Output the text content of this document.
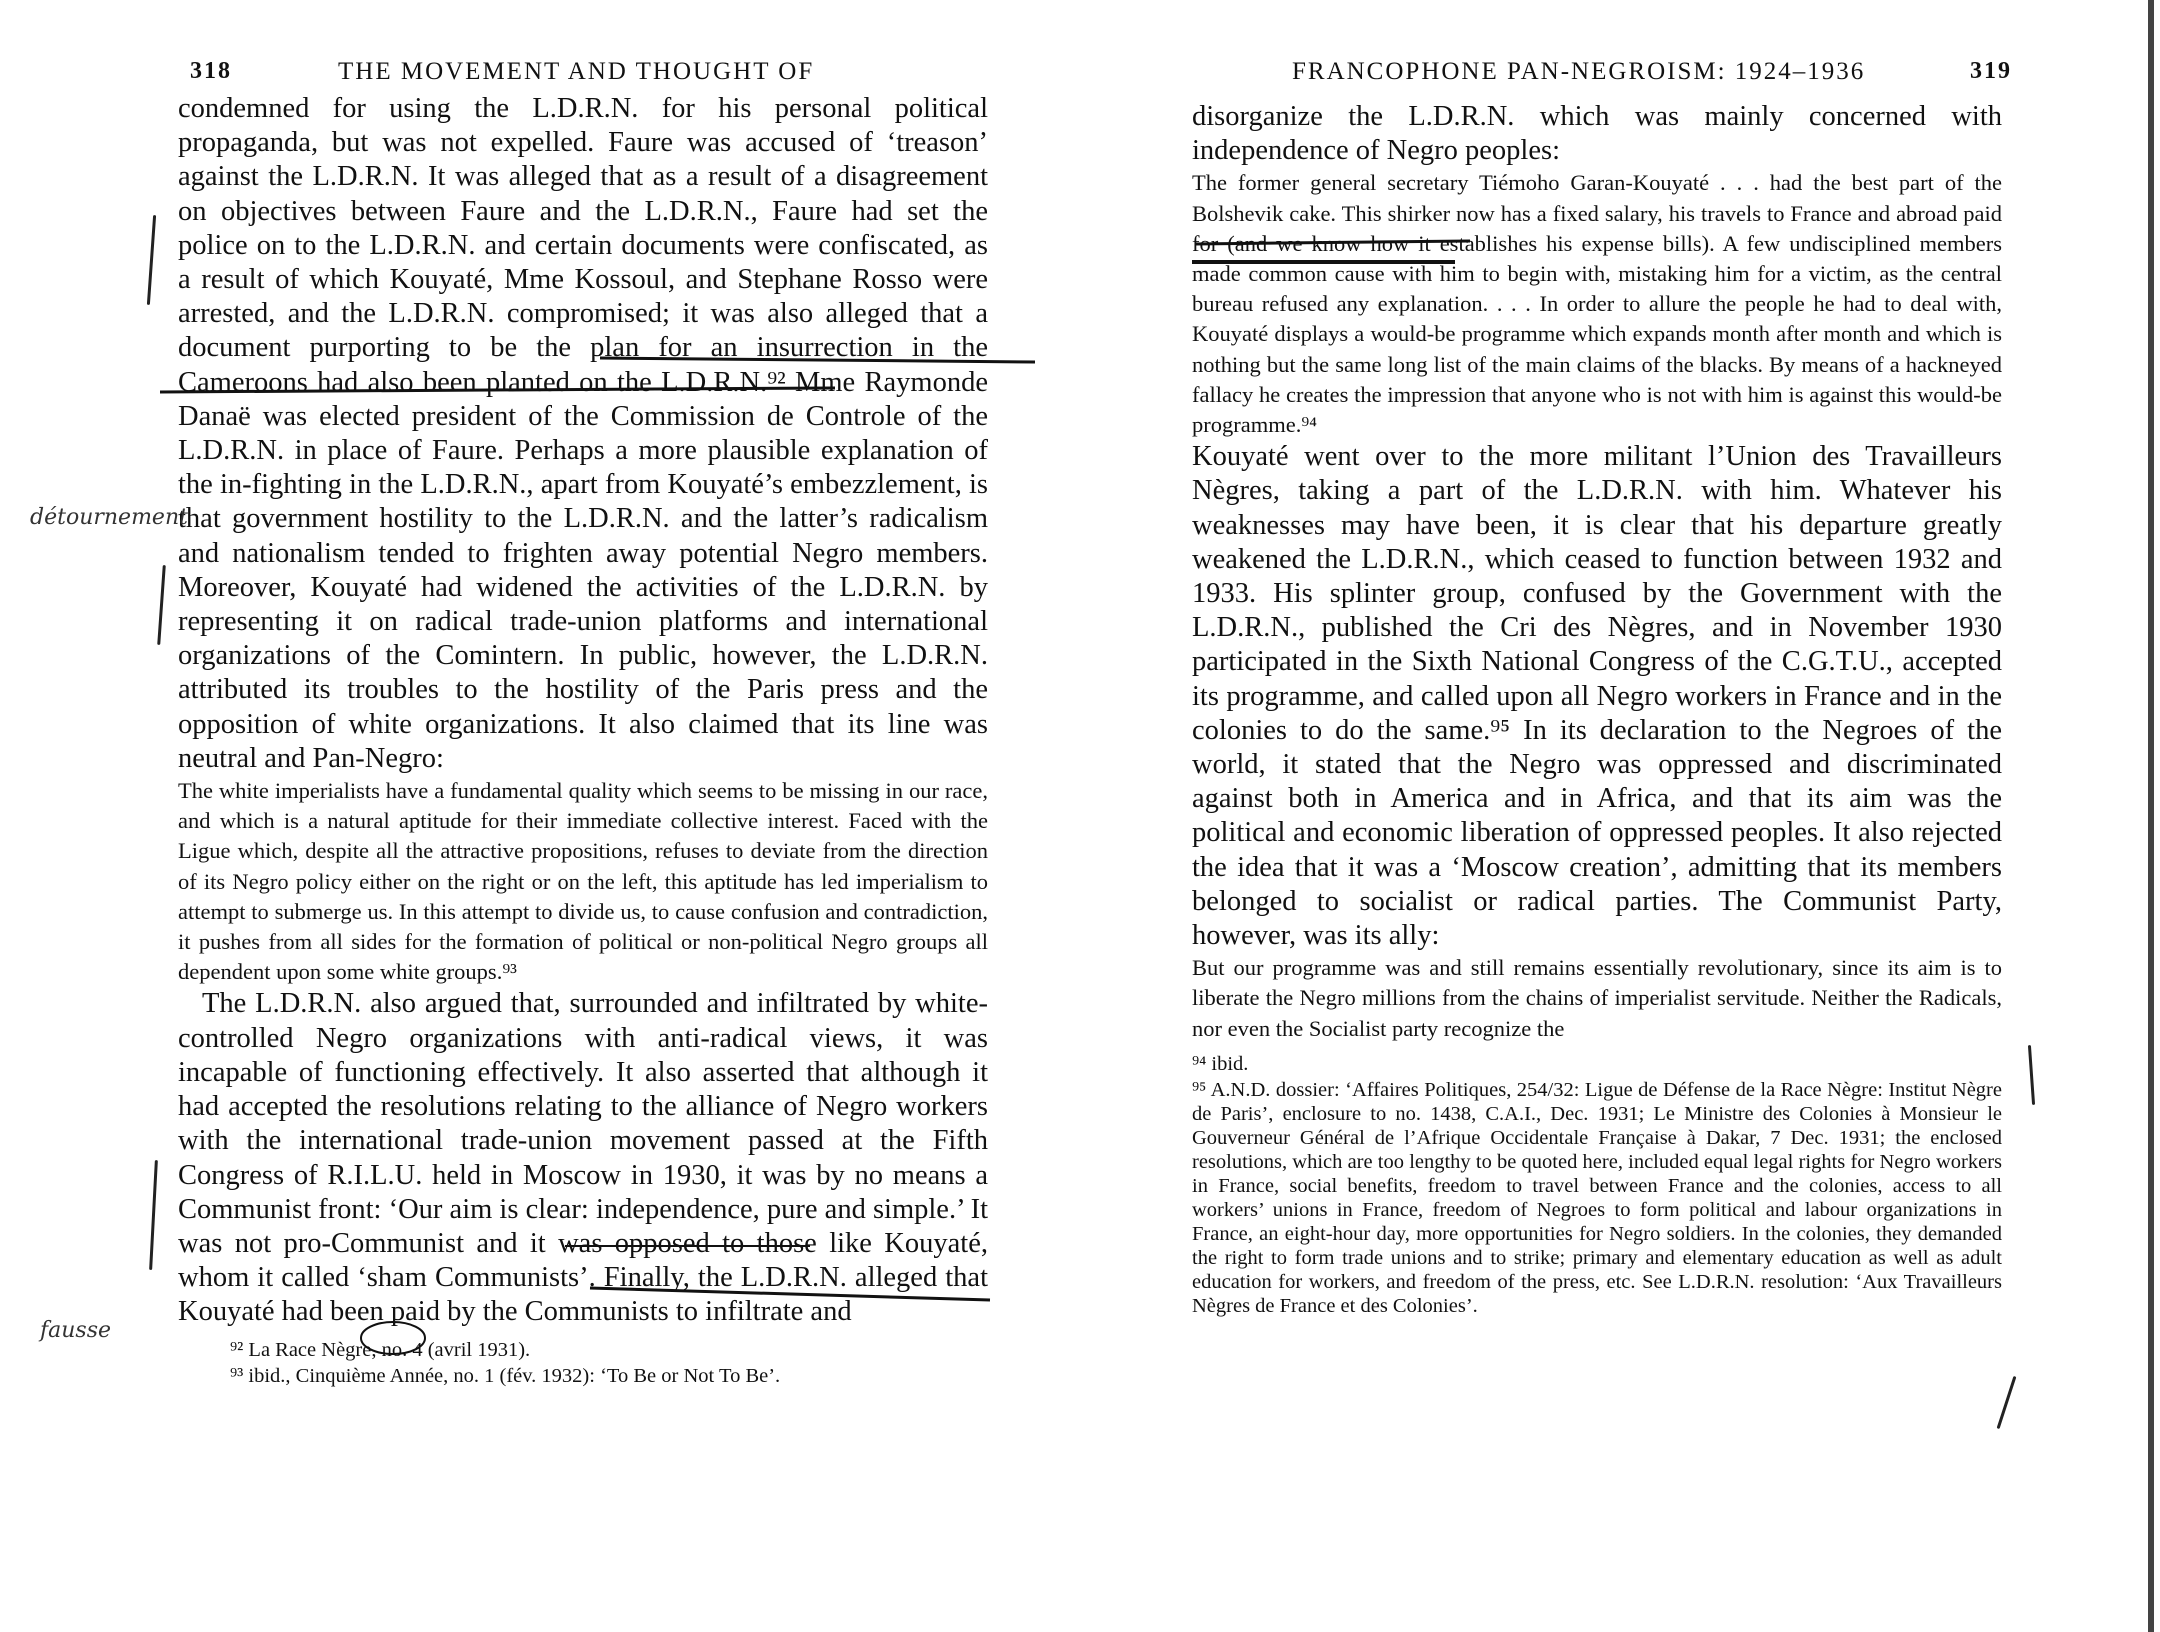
318	THE MOVEMENT AND THOUGHT OF

condemned for using the L.D.R.N. for his personal political propaganda, but was not expelled. Faure was accused of ‘treason’ against the L.D.R.N. It was alleged that as a result of a disagreement on objectives between Faure and the L.D.R.N., Faure had set the police on to the L.D.R.N. and certain documents were confiscated, as a result of which Kouyaté, Mme Kossoul, and Stephane Rosso were arrested, and the L.D.R.N. compromised; it was also alleged that a document purporting to be the plan for an insurrection in the Cameroons had also been planted on the L.D.R.N.⁹² Mme Raymonde Danaë was elected president of the Commission de Controle of the L.D.R.N. in place of Faure. Perhaps a more plausible explanation of the in-fighting in the L.D.R.N., apart from Kouyaté’s embezzlement, is that government hostility to the L.D.R.N. and the latter’s radicalism and nationalism tended to frighten away potential Negro members. Moreover, Kouyaté had widened the activities of the L.D.R.N. by representing it on radical trade-union platforms and international organizations of the Comintern. In public, however, the L.D.R.N. attributed its troubles to the hostility of the Paris press and the opposition of white organizations. It also claimed that its line was neutral and Pan-Negro:

The white imperialists have a fundamental quality which seems to be missing in our race, and which is a natural aptitude for their immediate collective interest. Faced with the Ligue which, despite all the attractive propositions, refuses to deviate from the direction of its Negro policy either on the right or on the left, this aptitude has led imperialism to attempt to submerge us. In this attempt to divide us, to cause confusion and contradiction, it pushes from all sides for the formation of political or non-political Negro groups all dependent upon some white groups.⁹³

The L.D.R.N. also argued that, surrounded and infiltrated by white-controlled Negro organizations with anti-radical views, it was incapable of functioning effectively. It also asserted that although it had accepted the resolutions relating to the alliance of Negro workers with the international trade-union movement passed at the Fifth Congress of R.I.L.U. held in Moscow in 1930, it was by no means a Communist front: ‘Our aim is clear: independence, pure and simple.’ It was not pro-Communist and it was opposed to those like Kouyaté, whom it called ‘sham Communists’. Finally, the L.D.R.N. alleged that Kouyaté had been paid by the Communists to infiltrate and

⁹² La Race Nègre, no. 4 (avril 1931).

⁹³ ibid., Cinquième Année, no. 1 (fév. 1932): ‘To Be or Not To Be’.

FRANCOPHONE PAN-NEGROISM: 1924–1936	319

disorganize the L.D.R.N. which was mainly concerned with independence of Negro peoples:

The former general secretary Tiémoho Garan-Kouyaté . . . had the best part of the Bolshevik cake. This shirker now has a fixed salary, his travels to France and abroad paid for (and we know how it establishes his expense bills). A few undisciplined members made common cause with him to begin with, mistaking him for a victim, as the central bureau refused any explanation. . . . In order to allure the people he had to deal with, Kouyaté displays a would-be programme which expands month after month and which is nothing but the same long list of the main claims of the blacks. By means of a hackneyed fallacy he creates the impression that anyone who is not with him is against this would-be programme.⁹⁴

Kouyaté went over to the more militant l’Union des Travailleurs Nègres, taking a part of the L.D.R.N. with him. Whatever his weaknesses may have been, it is clear that his departure greatly weakened the L.D.R.N., which ceased to function between 1932 and 1933. His splinter group, confused by the Government with the L.D.R.N., published the Cri des Nègres, and in November 1930 participated in the Sixth National Congress of the C.G.T.U., accepted its programme, and called upon all Negro workers in France and in the colonies to do the same.⁹⁵ In its declaration to the Negroes of the world, it stated that the Negro was oppressed and discriminated against both in America and in Africa, and that its aim was the political and economic liberation of oppressed peoples. It also rejected the idea that it was a ‘Moscow creation’, admitting that its members belonged to socialist or radical parties. The Communist Party, however, was its ally:

But our programme was and still remains essentially revolutionary, since its aim is to liberate the Negro millions from the chains of imperialist servitude. Neither the Radicals, nor even the Socialist party recognize the

⁹⁴ ibid.

⁹⁵ A.N.D. dossier: ‘Affaires Politiques, 254/32: Ligue de Défense de la Race Nègre: Institut Nègre de Paris’, enclosure to no. 1438, C.A.I., Dec. 1931; Le Ministre des Colonies à Monsieur le Gouverneur Général de l’Afrique Occidentale Française à Dakar, 7 Dec. 1931; the enclosed resolutions, which are too lengthy to be quoted here, included equal legal rights for Negro workers in France, social benefits, freedom to travel between France and the colonies, access to all workers’ unions in France, freedom of Negroes to form political and labour organizations in France, an eight-hour day, more opportunities for Negro soldiers. In the colonies, they demanded the right to form trade unions and to strike; primary and elementary education as well as adult education for workers, and freedom of the press, etc. See L.D.R.N. resolution: ‘Aux Travailleurs Nègres de France et des Colonies’.

détournement
fausse
